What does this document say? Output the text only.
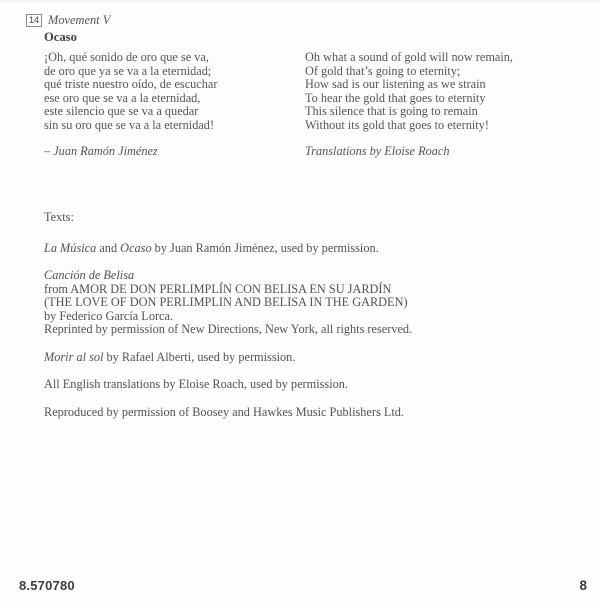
14 Movement V
Ocaso
¡Oh, qué sonido de oro que se va,
de oro que ya se va a la eternidad;
qué triste nuestro oído, de escuchar
ese oro que se va a la eternidad,
este silencio que se va a quedar
sin su oro que se va a la eternidad!
– Juan Ramón Jiménez
Oh what a sound of gold will now remain,
Of gold that’s going to eternity;
How sad is our listening as we strain
To hear the gold that goes to eternity
This silence that is going to remain
Without its gold that goes to eternity!
Translations by Eloise Roach

Texts:

La Música and Ocaso by Juan Ramón Jiménez, used by permission.

Canción de Belisa
from AMOR DE DON PERLIMPLÍN CON BELISA EN SU JARDÍN
(THE LOVE OF DON PERLIMPLIN AND BELISA IN THE GARDEN)
by Federico García Lorca.
Reprinted by permission of New Directions, New York, all rights reserved.

Morir al sol by Rafael Alberti, used by permission.

All English translations by Eloise Roach, used by permission.

Reproduced by permission of Boosey and Hawkes Music Publishers Ltd.

8.570780	8
